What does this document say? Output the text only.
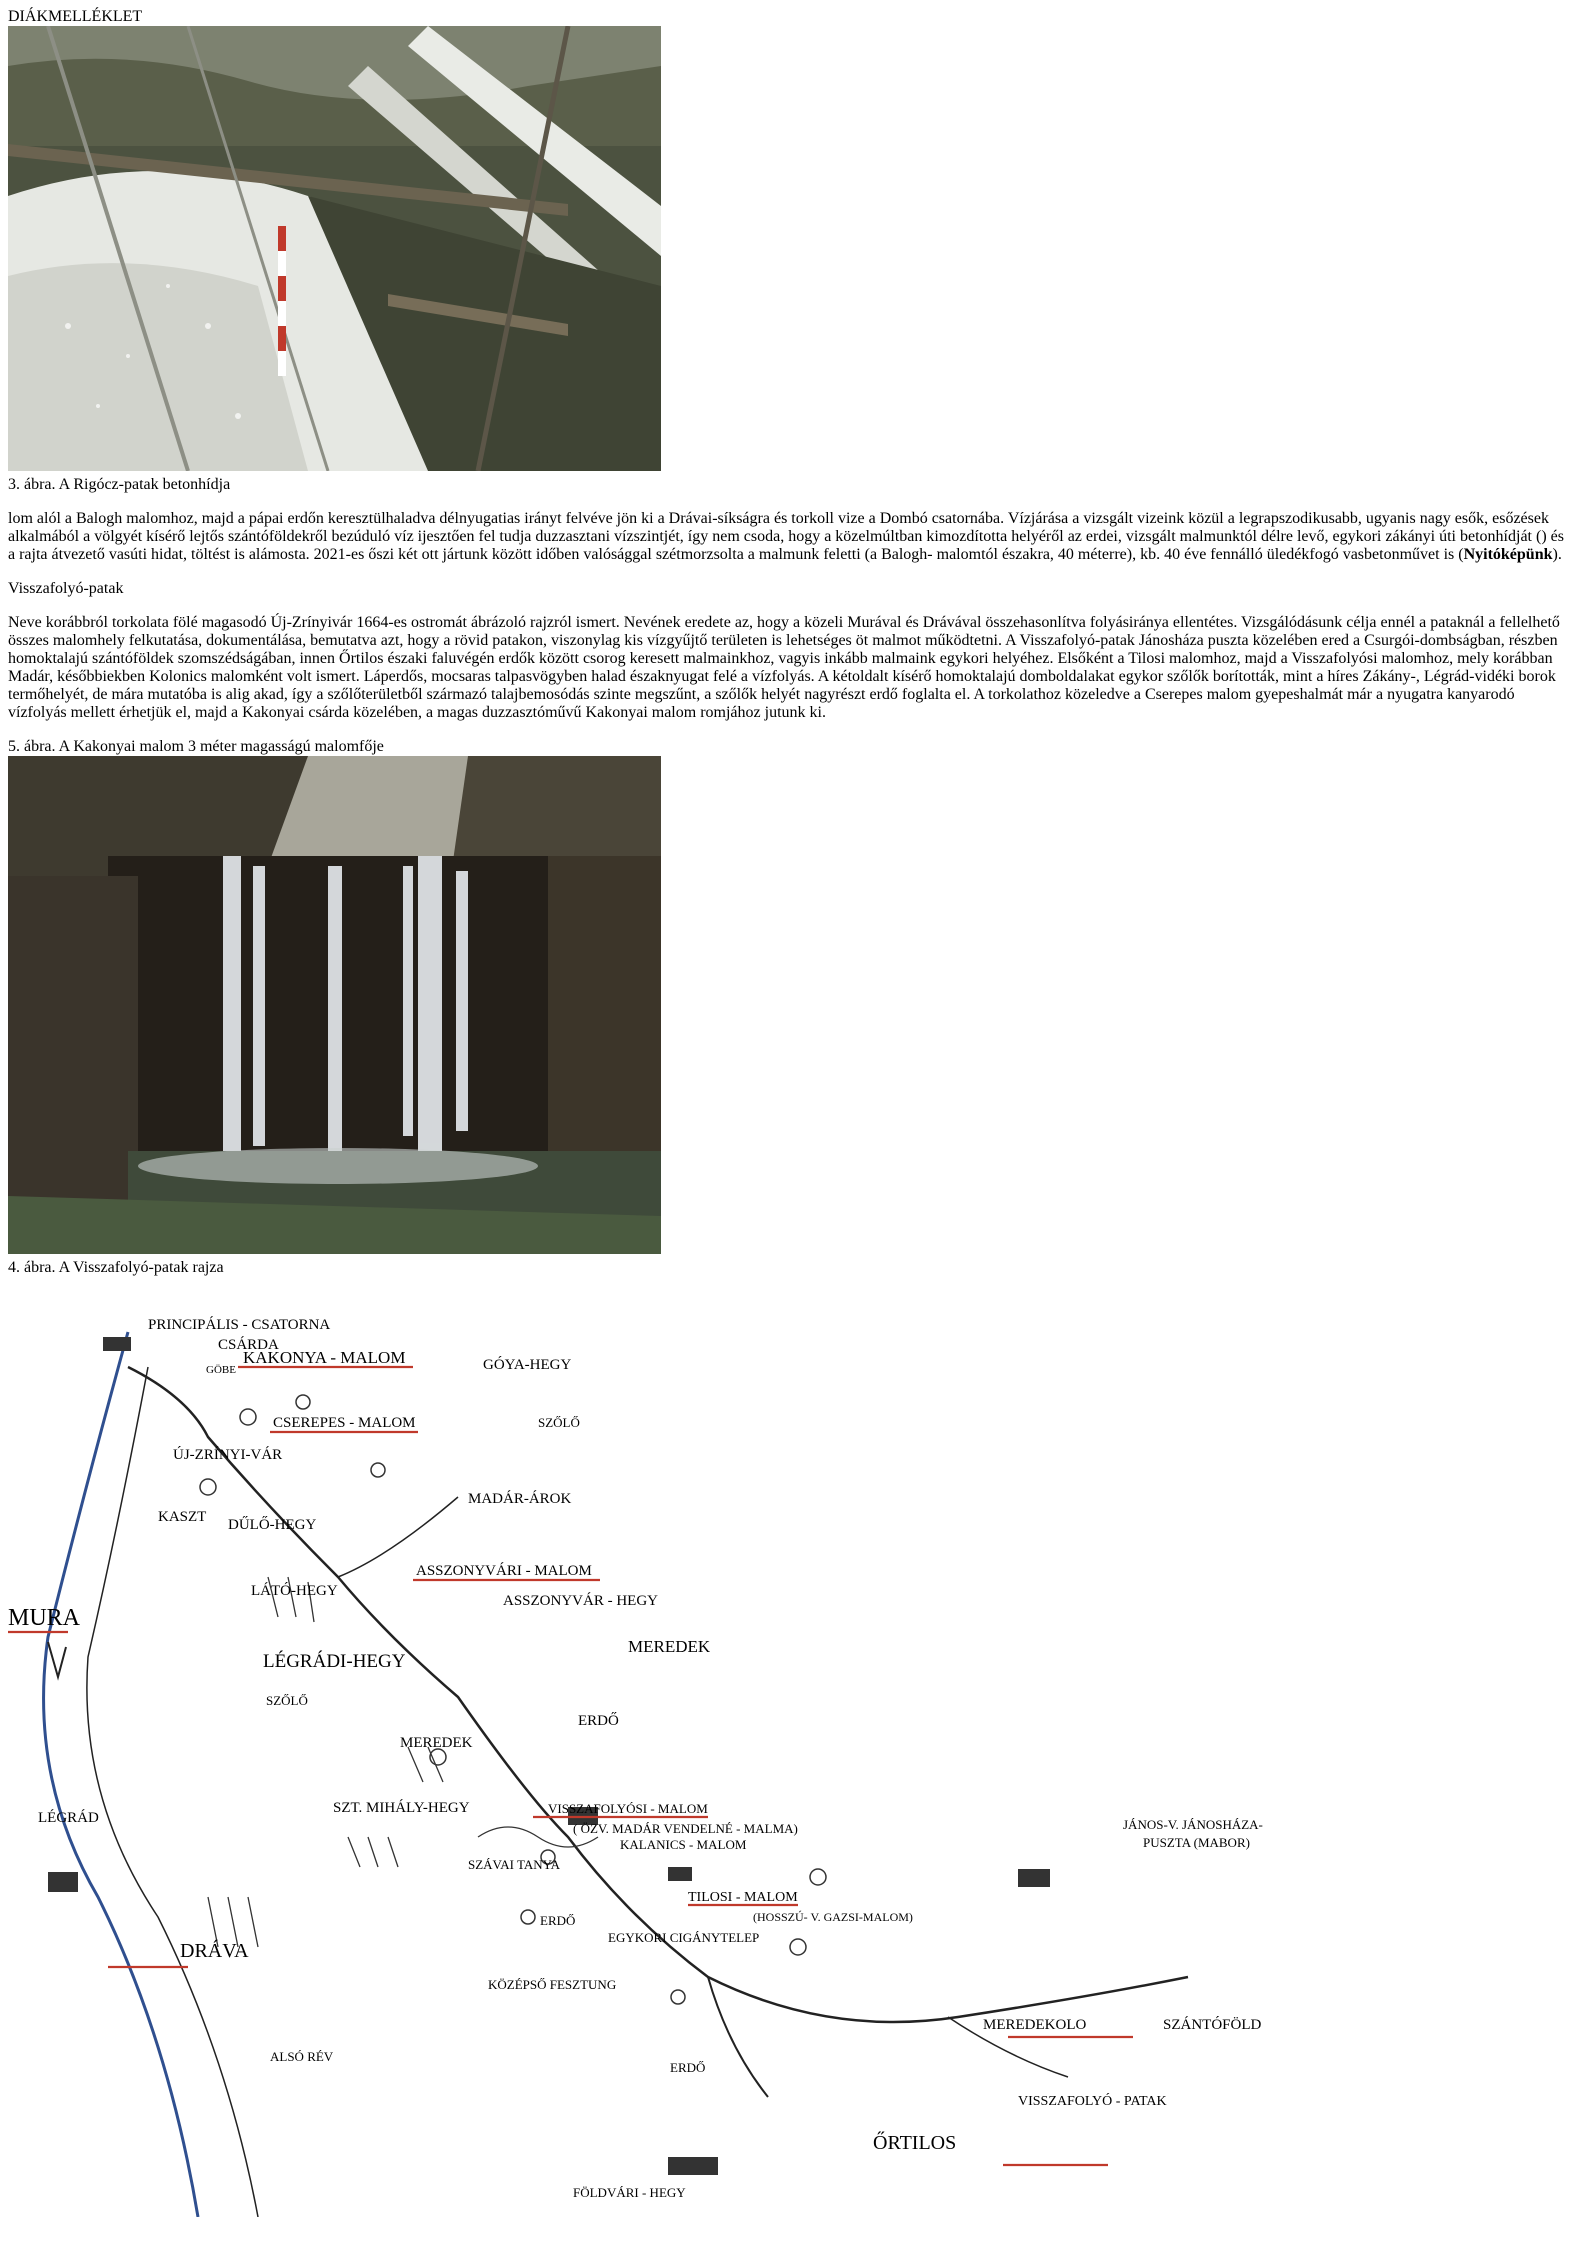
DIÁKMELLÉKLET
3. ábra. A Rigócz-patak betonhídja

lom alól a Balogh malomhoz, majd a pápai erdőn keresztülhaladva délnyugatias irányt felvéve jön ki a Drávai-síkságra és torkoll vize a Dombó csatornába. Vízjárása a vizsgált vizeink közül a legrapszodikusabb, ugyanis nagy esők, esőzések alkalmából a völgyét kísérő lejtős szántóföldekről bezúduló víz ijesztően fel tudja duzzasztani vízszintjét, így nem csoda, hogy a közelmúltban kimozdította helyéről az erdei, vizsgált malmunktól délre levő, egykori zákányi úti betonhídját () és a rajta átvezető vasúti hidat, töltést is alámosta. 2021-es őszi két ott jártunk között időben valósággal szétmorzsolta a malmunk feletti (a Balogh- malomtól északra, 40 méterre), kb. 40 éve fennálló üledékfogó vasbetonművet is (Nyitóképünk).

Visszafolyó-patak

Neve korábbról torkolata fölé magasodó Új-Zrínyivár 1664-es ostromát ábrázoló rajzról ismert. Nevének eredete az, hogy a közeli Murával és Drávával összehasonlítva folyásiránya ellentétes. Vizsgálódásunk célja ennél a pataknál a fellelhető összes malomhely felkutatása, dokumentálása, bemutatva azt, hogy a rövid patakon, viszonylag kis vízgyűjtő területen is lehetséges öt malmot működtetni. A Visszafolyó-patak Jánosháza puszta közelében ered a Csurgói-dombságban, részben homoktalajú szántóföldek szomszédságában, innen Őrtilos északi faluvégén erdők között csorog keresett malmainkhoz, vagyis inkább malmaink egykori helyéhez. Elsőként a Tilosi malomhoz, majd a Visszafolyósi malomhoz, mely korábban Madár, későbbiekben Kolonics malomként volt ismert. Láperdős, mocsaras talpasvögyben halad északnyugat felé a vízfolyás. A kétoldalt kísérő homoktalajú domboldalakat egykor szőlők borították, mint a híres Zákány-, Légrád-vidéki borok termőhelyét, de mára mutatóba is alig akad, így a szőlőterületből származó talajbemosódás szinte megszűnt, a szőlők helyét nagyrészt erdő foglalta el. A torkolathoz közeledve a Cserepes malom gyepeshalmát már a nyugatra kanyarodó vízfolyás mellett érhetjük el, majd a Kakonyai csárda közelében, a magas duzzasztóművű Kakonyai malom romjához jutunk ki.

5. ábra. A Kakonyai malom 3 méter magasságú malomfője
4. ábra. A Visszafolyó-patak rajza
PRINCIPÁLIS - CSATORNA
CSÁRDA
KAKONYA - MALOM
GÖBE	GÓYA-HEGY
SZŐLŐ
CSEREPES - MALOM
ÚJ-ZRÍNYI-VÁR
MURA
MADÁR-ÁROK
KASZT DŰLŐ-HEGY
ASSZONYVÁRI - MALOM
LÁTÓ-HEGY
ASSZONYVÁR - HEGY
MEREDEK
LÉGRÁDI-HEGY
SZŐLŐ
ERDŐ
MEREDEK
LÉGRÁD
SZT. MIHÁLY-HEGY	VISSZAFOLYÓSI - MALOM
( ÖZV. MADÁR VENDELNÉ - MALMA)
KALANICS - MALOM
SZÁVAI TANYA
JÁNOS-V. JÁNOSHÁZA-
PUSZTA (MABOR)
TILOSI - MALOM
(HOSSZÚ- V. GAZSI-MALOM)
DRÁVA
ERDŐ
EGYKORI CIGÁNYTELEP
KÖZÉPSŐ FESZTUNG
MEREDEKOLO	SZÁNTÓFÖLD
ALSÓ RÉV
ERDŐ
VISSZAFOLYÓ - PATAK
ŐRTILOS
FÖLDVÁRI - HEGY
